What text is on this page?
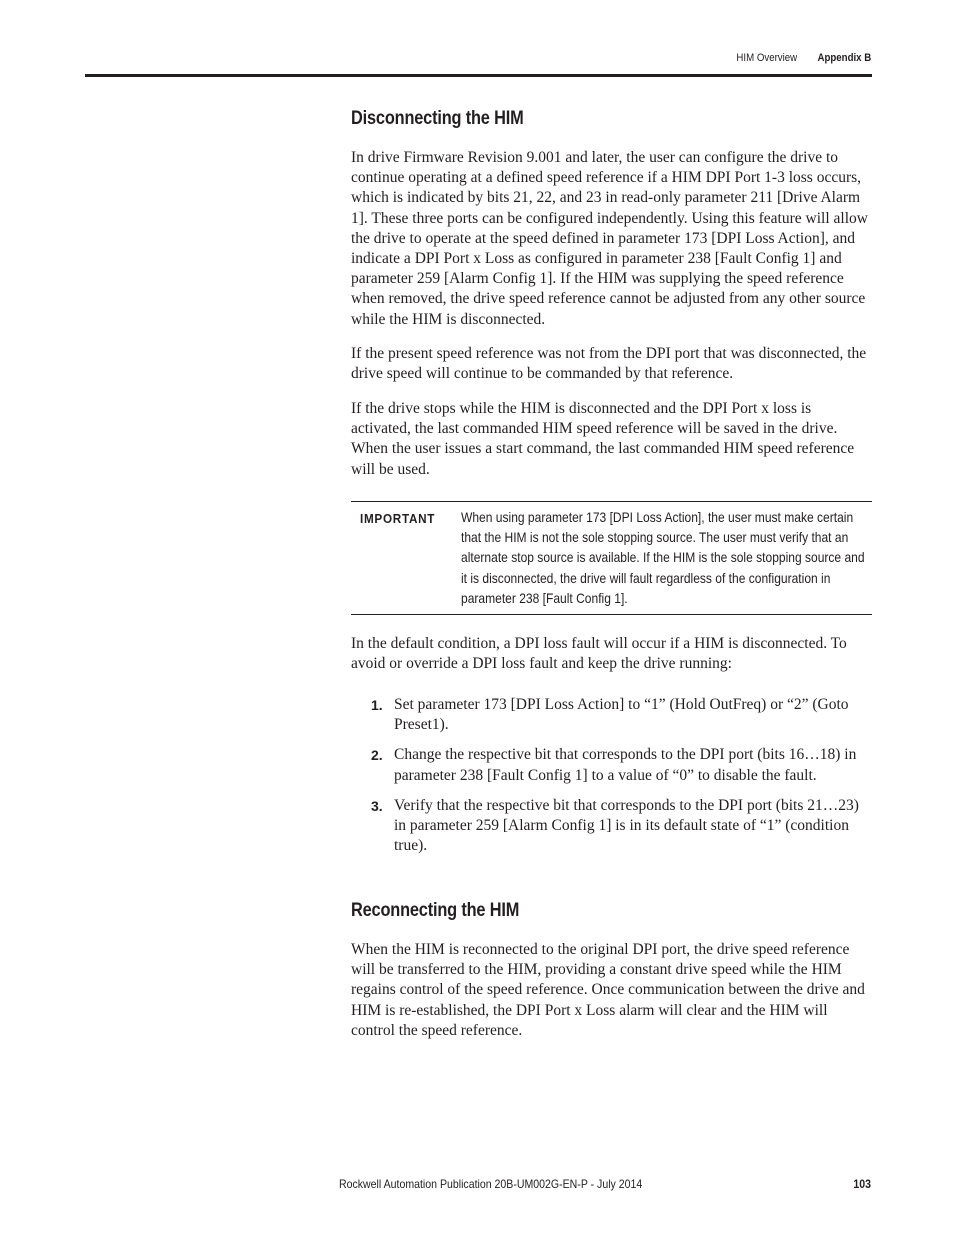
HIM Overview Appendix B
Disconnecting the HIM

In drive Firmware Revision 9.001 and later, the user can configure the drive to continue operating at a defined speed reference if a HIM DPI Port 1-3 loss occurs, which is indicated by bits 21, 22, and 23 in read-only parameter 211 [Drive Alarm 1]. These three ports can be configured independently. Using this feature will allow the drive to operate at the speed defined in parameter 173 [DPI Loss Action], and indicate a DPI Port x Loss as configured in parameter 238 [Fault Config 1] and parameter 259 [Alarm Config 1]. If the HIM was supplying the speed reference when removed, the drive speed reference cannot be adjusted from any other source while the HIM is disconnected.

If the present speed reference was not from the DPI port that was disconnected, the drive speed will continue to be commanded by that reference.

If the drive stops while the HIM is disconnected and the DPI Port x loss is activated, the last commanded HIM speed reference will be saved in the drive. When the user issues a start command, the last commanded HIM speed reference will be used.

IMPORTANT When using parameter 173 [DPI Loss Action], the user must make certain that the HIM is not the sole stopping source. The user must verify that an alternate stop source is available. If the HIM is the sole stopping source and it is disconnected, the drive will fault regardless of the configuration in parameter 238 [Fault Config 1].

In the default condition, a DPI loss fault will occur if a HIM is disconnected. To avoid or override a DPI loss fault and keep the drive running:

1. Set parameter 173 [DPI Loss Action] to “1” (Hold OutFreq) or “2” (Goto Preset1).
2. Change the respective bit that corresponds to the DPI port (bits 16…18) in parameter 238 [Fault Config 1] to a value of “0” to disable the fault.
3. Verify that the respective bit that corresponds to the DPI port (bits 21…23) in parameter 259 [Alarm Config 1] is in its default state of “1” (condition true).
Reconnecting the HIM

When the HIM is reconnected to the original DPI port, the drive speed reference will be transferred to the HIM, providing a constant drive speed while the HIM regains control of the speed reference. Once communication between the drive and HIM is re-established, the DPI Port x Loss alarm will clear and the HIM will control the speed reference.

Rockwell Automation Publication 20B-UM002G-EN-P - July 2014	103
